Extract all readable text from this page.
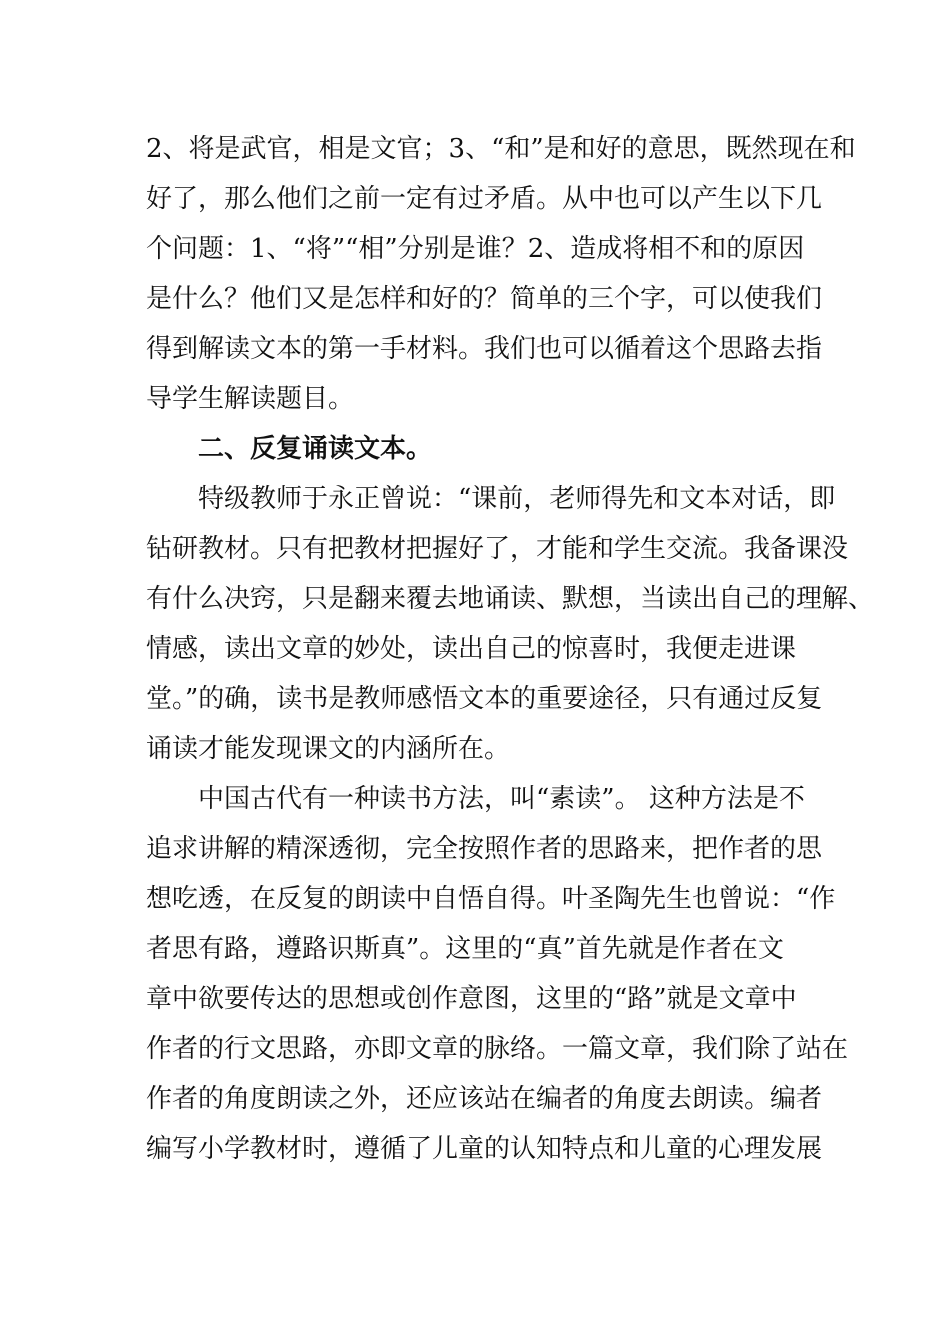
2、将是武官，相是文官；3、“和”是和好的意思，既然现在和
好了，那么他们之前一定有过矛盾。从中也可以产生以下几
个问题：1、“将”“相”分别是谁？2、造成将相不和的原因
是什么？他们又是怎样和好的？简单的三个字，可以使我们
得到解读文本的第一手材料。我们也可以循着这个思路去指
导学生解读题目。
二、反复诵读文本。
特级教师于永正曾说：“课前，老师得先和文本对话，即
钻研教材。只有把教材把握好了，才能和学生交流。我备课没
有什么决窍，只是翻来覆去地诵读、默想，当读出自己的理解、
情感，读出文章的妙处，读出自己的惊喜时，我便走进课
堂。”的确，读书是教师感悟文本的重要途径，只有通过反复
诵读才能发现课文的内涵所在。
中国古代有一种读书方法，叫“素读”。 这种方法是不
追求讲解的精深透彻，完全按照作者的思路来，把作者的思
想吃透，在反复的朗读中自悟自得。叶圣陶先生也曾说：“作
者思有路，遵路识斯真”。这里的“真”首先就是作者在文
章中欲要传达的思想或创作意图，这里的“路”就是文章中
作者的行文思路，亦即文章的脉络。一篇文章，我们除了站在
作者的角度朗读之外，还应该站在编者的角度去朗读。编者
编写小学教材时，遵循了儿童的认知特点和儿童的心理发展
